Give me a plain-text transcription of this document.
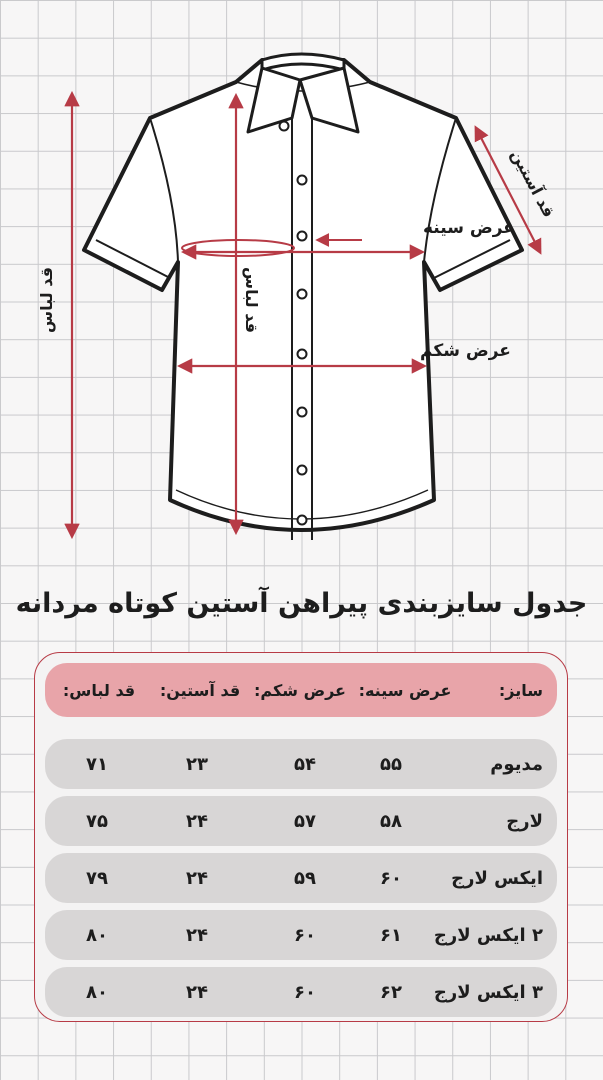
عرض سینه
عرض شکم
قد لباس
قد لباس
قد آستین
جدول سایزبندی پیراهن آستین کوتاه مردانه
سایز:
عرض سینه:
عرض شکم:
قد آستین:
قد لباس:
مدیوم
۵۵
۵۴
۲۳
۷۱
لارج
۵۸
۵۷
۲۴
۷۵
ایکس لارج
۶۰
۵۹
۲۴
۷۹
۲ ایکس لارج
۶۱
۶۰
۲۴
۸۰
۳ ایکس لارج
۶۲
۶۰
۲۴
۸۰
